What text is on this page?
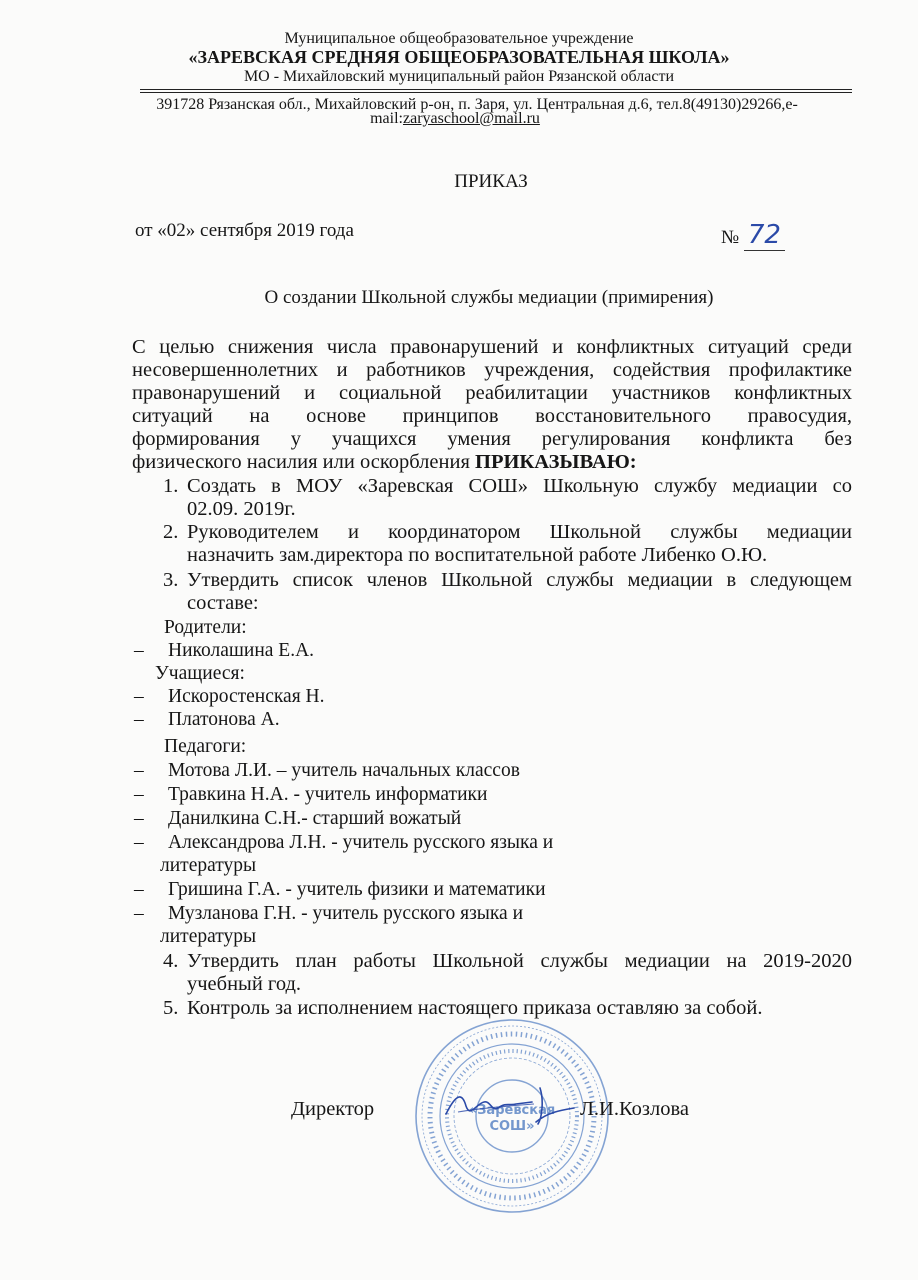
Муниципальное общеобразовательное учреждение
«ЗАРЕВСКАЯ СРЕДНЯЯ ОБЩЕОБРАЗОВАТЕЛЬНАЯ ШКОЛА»
МО - Михайловский муниципальный район Рязанской области
391728 Рязанская обл., Михайловский р-он, п. Заря, ул. Центральная д.6, тел.8(49130)29266,е-
mail:zaryaschool@mail.ru
ПРИКАЗ
от «02» сентября 2019 года	№ 72
О создании Школьной службы медиации (примирения)
С целью снижения числа правонарушений и конфликтных ситуаций среди
несовершеннолетних и работников учреждения, содействия профилактике
правонарушений и социальной реабилитации участников конфликтных
ситуаций на основе принципов восстановительного правосудия,
формирования у учащихся умения регулирования конфликта без
физического насилия или оскорбления ПРИКАЗЫВАЮ:
1. Создать в МОУ «Заревская СОШ» Школьную службу медиации со
02.09. 2019г.
2. Руководителем и координатором Школьной службы медиации
назначить зам.директора по воспитательной работе Либенко О.Ю.
3. Утвердить список членов Школьной службы медиации в следующем
составе:
Родители:
– Николашина Е.А.
Учащиеся:
– Искоростенская Н.
– Платонова А.
Педагоги:
– Мотова Л.И. – учитель начальных классов
– Травкина Н.А. - учитель информатики
– Данилкина С.Н.- старший вожатый
– Александрова Л.Н. - учитель русского языка и
литературы
– Гришина Г.А. - учитель физики и математики
– Музланова Г.Н. - учитель русского языка и
литературы
4. Утвердить план работы Школьной службы медиации на 2019-2020
учебный год.
5. Контроль за исполнением настоящего приказа оставляю за собой.
Директор	«Заревская
СОШ»
Л.И.Козлова
